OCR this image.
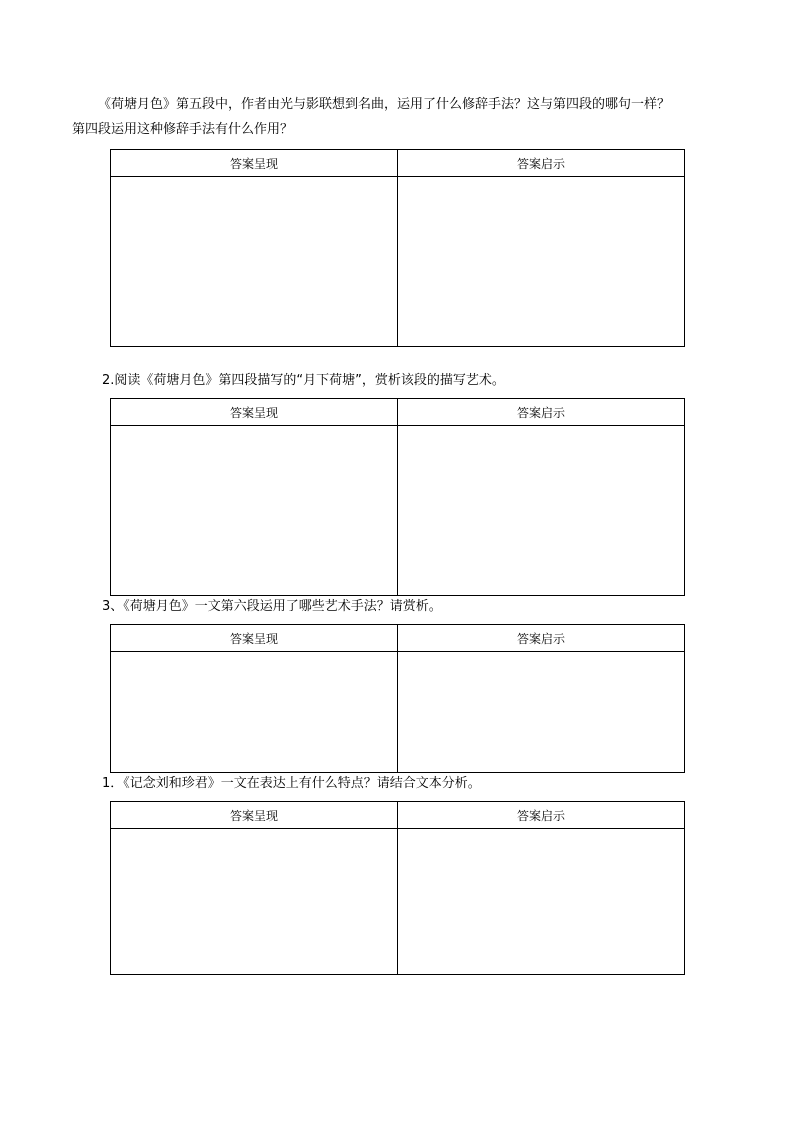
《荷塘月色》第五段中，作者由光与影联想到名曲，运用了什么修辞手法？这与第四段的哪句一样？
第四段运用这种修辞手法有什么作用？
答案呈现	答案启示

2.阅读《荷塘月色》第四段描写的“月下荷塘”，赏析该段的描写艺术。
答案呈现	答案启示

3、《荷塘月色》一文第六段运用了哪些艺术手法？请赏析。
答案呈现	答案启示

1．《记念刘和珍君》一文在表达上有什么特点？请结合文本分析。
答案呈现	答案启示
